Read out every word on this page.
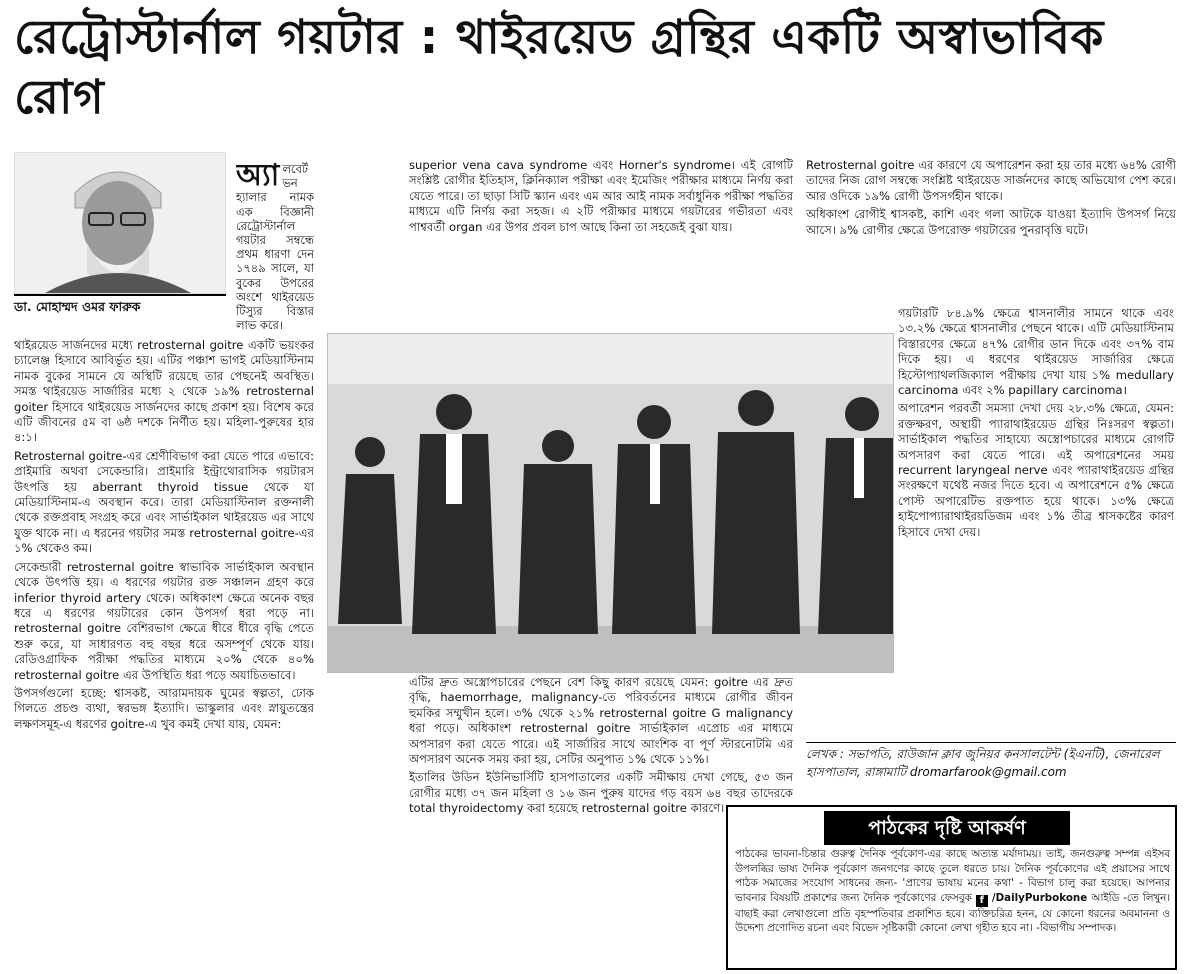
রেট্রোস্টার্নাল গয়টার : থাইরয়েড গ্রন্থির একটি অস্বাভাবিক রোগ
ডা. মোহাম্মদ ওমর ফারুক
অ্যা লবের্ট ভন হ্যালার নামক এক বিজ্ঞানী রেট্রোস্টার্নাল গয়টার সম্বন্ধে প্রথম ধারণা দেন ১৭৪৯ সালে, যা বুকের উপরের অংশে থাইরয়েড টিস্যুর বিস্তার লাভ করে।

থাইরয়েড সার্জনদের মধ্যে retrosternal goitre একটি ভয়ংকর চ্যালেঞ্জ হিসাবে আবির্ভূত হয়। এটির পঞ্চাশ ভাগই মেডিয়াস্টিনাম নামক বুকের সামনে যে অস্থিটি রয়েছে তার পেছনেই অবস্থিত। সমস্ত থাইরয়েড সার্জারির মধ্যে ২ থেকে ১৯% retrosternal goiter হিসাবে থাইরয়েড সার্জনদের কাছে প্রকাশ হয়। বিশেষ করে এটি জীবনের ৫ম বা ৬ষ্ঠ দশকে নির্ণীত হয়। মহিলা-পুরুষের হার ৪:১।

Retrosternal goitre-এর শ্রেণীবিভাগ করা যেতে পারে এভাবে: প্রাইমারি অথবা সেকেন্ডারি। প্রাইমারি ইন্ট্রাথোরাসিক গয়টারস উৎপত্তি হয় aberrant thyroid tissue থেকে যা মেডিয়াস্টিনাম-এ অবস্থান করে। তারা মেডিয়াস্টিনাল রক্তনালী থেকে রক্তপ্রবাহ সংগ্রহ করে এবং সার্ভাইকাল থাইরয়েড এর সাথে যুক্ত থাকে না। এ ধরনের গয়টার সমস্ত retrosternal goitre-এর ১% থেকেও কম।

সেকেন্ডারী retrosternal goitre স্বাভাবিক সার্ভাইকাল অবস্থান থেকে উৎপত্তি হয়। এ ধরণের গয়টার রক্ত সঞ্চালন গ্রহণ করে inferior thyroid artery থেকে। অধিকাংশ ক্ষেত্রে অনেক বছর ধরে এ ধরণের গয়টারের কোন উপসর্গ ধরা পড়ে না। retrosternal goitre বেশিরভাগ ক্ষেত্রে ধীরে ধীরে বৃদ্ধি পেতে শুরু করে, যা সাধারণত বহু বছর ধরে অসম্পূর্ণ থেকে যায়। রেডিওগ্রাফিক পরীক্ষা পদ্ধতির মাধ্যমে ২০% থেকে ৪০% retrosternal goitre এর উপস্থিতি ধরা পড়ে অযাচিতভাবে।

উপসর্গগুলো হচ্ছে: শ্বাসকষ্ট, আরামদায়ক ঘুমের স্বল্পতা, ঢোক গিলতে প্রচণ্ড ব্যথা, স্বরভঙ্গ ইত্যাদি। ভাস্কুলার এবং স্নায়ুতন্ত্রের লক্ষণসমূহ-এ ধরণের goitre-এ খুব কমই দেখা যায়, যেমন:

superior vena cava syndrome এবং Horner's syndrome। এই রোগটি সংশ্লিষ্ট রোগীর ইতিহাস, ক্লিনিক্যাল পরীক্ষা এবং ইমেজিং পরীক্ষার মাধ্যমে নির্ণয় করা যেতে পারে। তা ছাড়া সিটি স্ক্যান এবং এম আর আই নামক সর্বাধুনিক পরীক্ষা পদ্ধতির মাধ্যমে এটি নির্ণয় করা সহজ। এ ২টি পরীক্ষার মাধ্যমে গয়টারের গভীরতা এবং পাশ্ববর্তী organ এর উপর প্রবল চাপ আছে কিনা তা সহজেই বুঝা যায়।

এটির দ্রুত অস্ত্রোপচারের পেছনে বেশ কিছু কারণ রয়েছে যেমন: goitre এর দ্রুত বৃদ্ধি, haemorrhage, malignancy-তে পরিবর্তনের মাধ্যমে রোগীর জীবন হুমকির সম্মুখীন হলে। ৩% থেকে ২১% retrosternal goitre G malignancy ধরা পড়ে। অধিকাংশ retrosternal goitre সার্ভাইকাল এপ্রোচ এর মাধ্যমে অপসারণ করা যেতে পারে। এই সার্জারির সাথে আংশিক বা পূর্ণ স্টারনোটমি এর অপসারণ অনেক সময় করা হয়, সেটির অনুপাত ১% থেকে ১১%।

ইতালির উডিন ইউনিভার্সিটি হাসপাতালের একটি সমীক্ষায় দেখা গেছে, ৫৩ জন রোগীর মধ্যে ৩৭ জন মহিলা ও ১৬ জন পুরুষ যাদের গড় বয়স ৬৪ বছর তাদেরকে total thyroidectomy করা হয়েছে retrosternal goitre কারণে।

Retrosternal goitre এর কারণে যে অপারেশন করা হয় তার মধ্যে ৬৪% রোগী তাদের নিজ রোগ সম্বন্ধে সংশ্লিষ্ট থাইরয়েড সার্জনদের কাছে অভিযোগ পেশ করে। আর ওদিকে ১৯% রোগী উপসর্গহীন থাকে।

অধিকাংশ রোগীই শ্বাসকষ্ট, কাশি এবং গলা আটকে যাওয়া ইত্যাদি উপসর্গ নিয়ে আসে। ৯% রোগীর ক্ষেত্রে উপরোক্ত গয়টারের পুনরাবৃত্তি ঘটে।

গয়টারটি ৮৪.৯% ক্ষেত্রে শ্বাসনালীর সামনে থাকে এবং ১৩.২% ক্ষেত্রে শ্বাসনালীর পেছনে থাকে। এটি মেডিয়াস্টিনাম বিস্তারণের ক্ষেত্রে ৪৭% রোগীর ডান দিকে এবং ৩৭% বাম দিকে হয়। এ ধরণের থাইরয়েড সার্জারির ক্ষেত্রে হিস্টোপ্যাথলজিক্যাল পরীক্ষায় দেখা যায় ১% medullary carcinoma এবং ২% papillary carcinoma।

অপারেশন পরবর্তী সমস্যা দেখা দেয় ২৮.৩% ক্ষেত্রে, যেমন: রক্তক্ষরণ, অস্থায়ী প্যারাথাইরয়েড গ্রন্থির নিঃসরণ স্বল্পতা। সার্ভাইকাল পদ্ধতির সাহায্যে অস্ত্রোপচারের মাধ্যমে রোগটি অপসারণ করা যেতে পারে। এই অপারেশনের সময় recurrent laryngeal nerve এবং প্যারাথাইরয়েড গ্রন্থির সংরক্ষণে যথেষ্ট নজর দিতে হবে। এ অপারেশনে ৫% ক্ষেত্রে পোস্ট অপারেটিভ রক্তপাত হয়ে থাকে। ১৩% ক্ষেত্রে হাইপোপ্যারাথাইরয়ডিজম এবং ১% তীব্র শ্বাসকষ্টের কারণ হিসাবে দেখা দেয়।

লেখক : সভাপতি, রাউজান ক্লাব জুনিয়র কনসালটেন্ট (ইএনটি), জেনারেল হাসপাতাল, রাঙ্গামাটি dromarfarook@gmail.com
পাঠকের দৃষ্টি আকর্ষণ
পাঠকের ভাবনা-চিন্তার গুরুত্ব দৈনিক পূর্বকোণ-এর কাছে অত্যন্ত মর্যাদাময়। তাই, জনগুরুত্ব সম্পন্ন এইসব উপলব্ধির ভাষ্য দৈনিক পূর্বকোণ জনগণের কাছে তুলে ধরতে চায়। দৈনিক পূর্বকোণের এই প্রয়াসের সাথে পাঠক সমাজের সংযোগ সাধনের জন্য- 'প্রাণের ভাষায় মনের কথা' - বিভাগ চালু করা হয়েছে। আপনার ভাবনার বিষয়টি প্রকাশের জন্য দৈনিক পূর্বকোণের ফেসবুক f /DailyPurbokone আইডি -তে লিখুন। বাছাই করা লেখাগুলো প্রতি বৃহস্পতিবার প্রকাশিত হবে। ব্যক্তিচরিত্র হনন, যে কোনো ধরনের অবমাননা ও উদ্দেশ্য প্রণোদিত রচনা এবং বিভেদ সৃষ্টিকারী কোনো লেখা গৃহীত হবে না। -বিভাগীয় সম্পাদক।
